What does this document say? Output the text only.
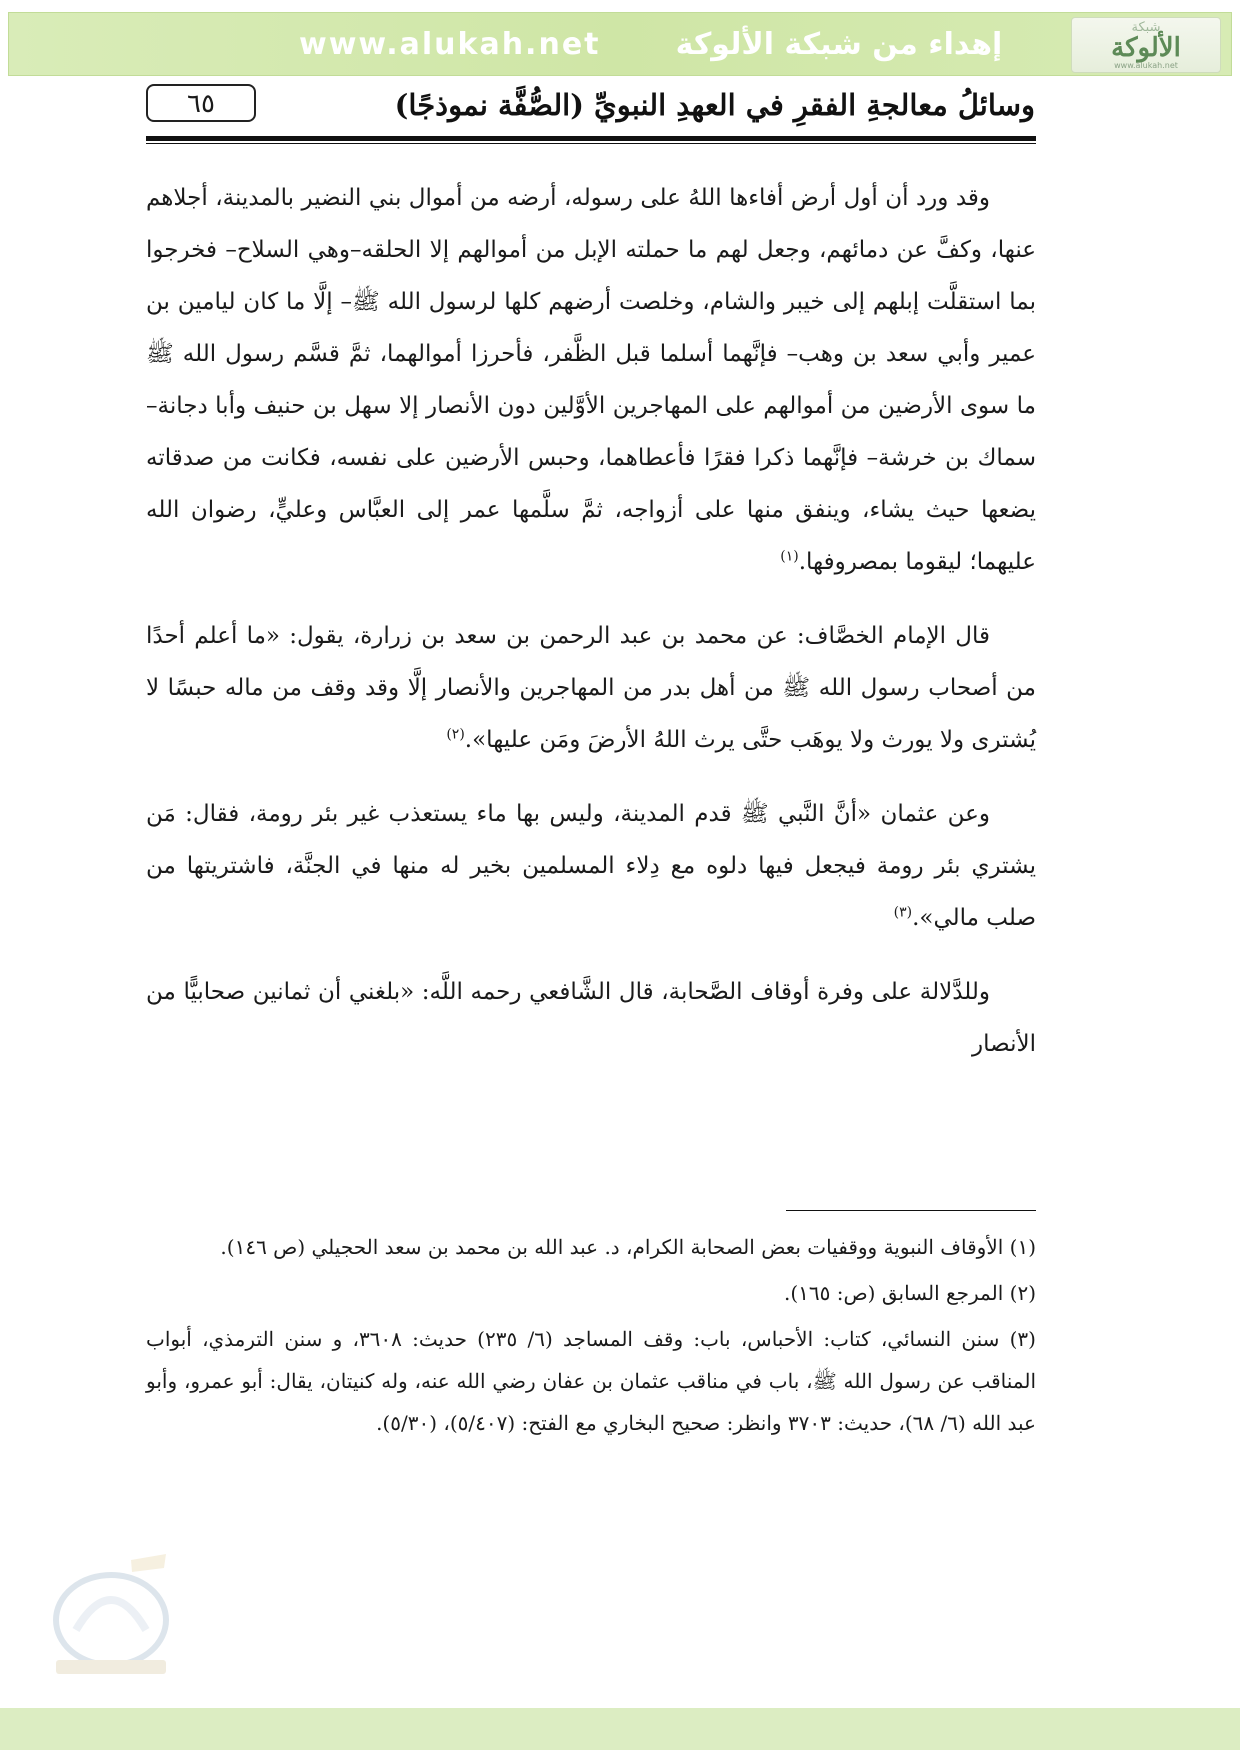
www.alukah.net	إهداء من شبكة الألوكة	شبكة
الألوكة
www.alukah.net
وسائلُ معالجةِ الفقرِ في العهدِ النبويِّ (الصُّفَّة نموذجًا)
٦٥

وقد ورد أن أول أرض أفاءها اللهُ على رسوله، أرضه من أموال بني النضير بالمدينة، أجلاهم عنها، وكفَّ عن دمائهم، وجعل لهم ما حملته الإبل من أموالهم إلا الحلقه–وهي السلاح– فخرجوا بما استقلَّت إبلهم إلى خيبر والشام، وخلصت أرضهم كلها لرسول الله ﷺ– إلَّا ما كان ليامين بن عمير وأبي سعد بن وهب– فإنَّهما أسلما قبل الظَّفر، فأحرزا أموالهما، ثمَّ قسَّم رسول الله ﷺ ما سوى الأرضين من أموالهم على المهاجرين الأوَّلين دون الأنصار إلا سهل بن حنيف وأبا دجانة–سماك بن خرشة– فإنَّهما ذكرا فقرًا فأعطاهما، وحبس الأرضين على نفسه، فكانت من صدقاته يضعها حيث يشاء، وينفق منها على أزواجه، ثمَّ سلَّمها عمر إلى العبَّاس وعليٍّ، رضوان الله عليهما؛ ليقوما بمصروفها.$^{(١)}$

قال الإمام الخصَّاف: عن محمد بن عبد الرحمن بن سعد بن زرارة، يقول: «ما أعلم أحدًا من أصحاب رسول الله ﷺ من أهل بدر من المهاجرين والأنصار إلَّا وقد وقف من ماله حبسًا لا يُشترى ولا يورث ولا يوهَب حتَّى يرث اللهُ الأرضَ ومَن عليها».$^{(٢)}$

وعن عثمان «أنَّ النَّبي ﷺ قدم المدينة، وليس بها ماء يستعذب غير بئر رومة، فقال: مَن يشتري بئر رومة فيجعل فيها دلوه مع دِلاء المسلمين بخير له منها في الجنَّة، فاشتريتها من صلب مالي».$^{(٣)}$

وللدَّلالة على وفرة أوقاف الصَّحابة، قال الشَّافعي رحمه اللَّه: «بلغني أن ثمانين صحابيًّا من الأنصار

(١) الأوقاف النبوية ووقفيات بعض الصحابة الكرام، د. عبد الله بن محمد بن سعد الحجيلي (ص ١٤٦).

(٢) المرجع السابق (ص: ١٦٥).

(٣) سنن النسائي، كتاب: الأحباس، باب: وقف المساجد (٦/ ٢٣٥) حديث: ٣٦٠٨، و سنن الترمذي، أبواب المناقب عن رسول الله ﷺ، باب في مناقب عثمان بن عفان رضي الله عنه، وله كنيتان، يقال: أبو عمرو، وأبو عبد الله (٦/ ٦٨)، حديث: ٣٧٠٣ وانظر: صحيح البخاري مع الفتح: (٥/٤٠٧)، (٥/٣٠).
